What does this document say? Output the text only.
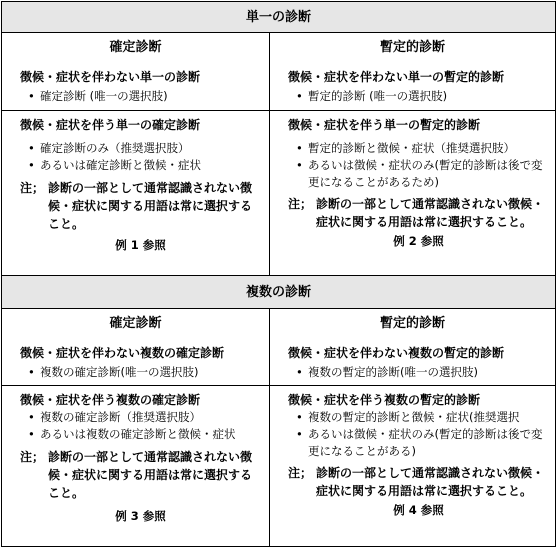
単一の診断
確定診断	暫定的診断
徴候・症状を伴わない単一の診断
• 確定診断 (唯一の選択肢)
徴候・症状を伴わない単一の暫定的診断
• 暫定的診断 (唯一の選択肢)
徴候・症状を伴う単一の確定診断
• 確定診断のみ（推奨選択肢）
• あるいは確定診断と徴候・症状
注； 診断の一部として通常認識されない徴候・症状に関する用語は常に選択すること。
例 1 参照
徴候・症状を伴う単一の暫定的診断
• 暫定的診断と徴候・症状（推奨選択肢）
• あるいは徴候・症状のみ(暫定的診断は後で変更になることがあるため)
注； 診断の一部として通常認識されない徴候・症状に関する用語は常に選択すること。
例 2 参照
複数の診断
確定診断	暫定的診断
徴候・症状を伴わない複数の確定診断
• 複数の確定診断(唯一の選択肢)
徴候・症状を伴わない複数の暫定的診断
• 複数の暫定的診断(唯一の選択肢)
徴候・症状を伴う複数の確定診断
• 複数の確定診断（推奨選択肢）
• あるいは複数の確定診断と徴候・症状
注； 診断の一部として通常認識されない徴候・症状に関する用語は常に選択すること。
例 3 参照
徴候・症状を伴う複数の暫定的診断
• 複数の暫定的診断と徴候・症状(推奨選択
• あるいは徴候・症状のみ(暫定的診断は後で変更になることがある)
注； 診断の一部として通常認識されない徴候・症状に関する用語は常に選択すること。
例 4 参照
